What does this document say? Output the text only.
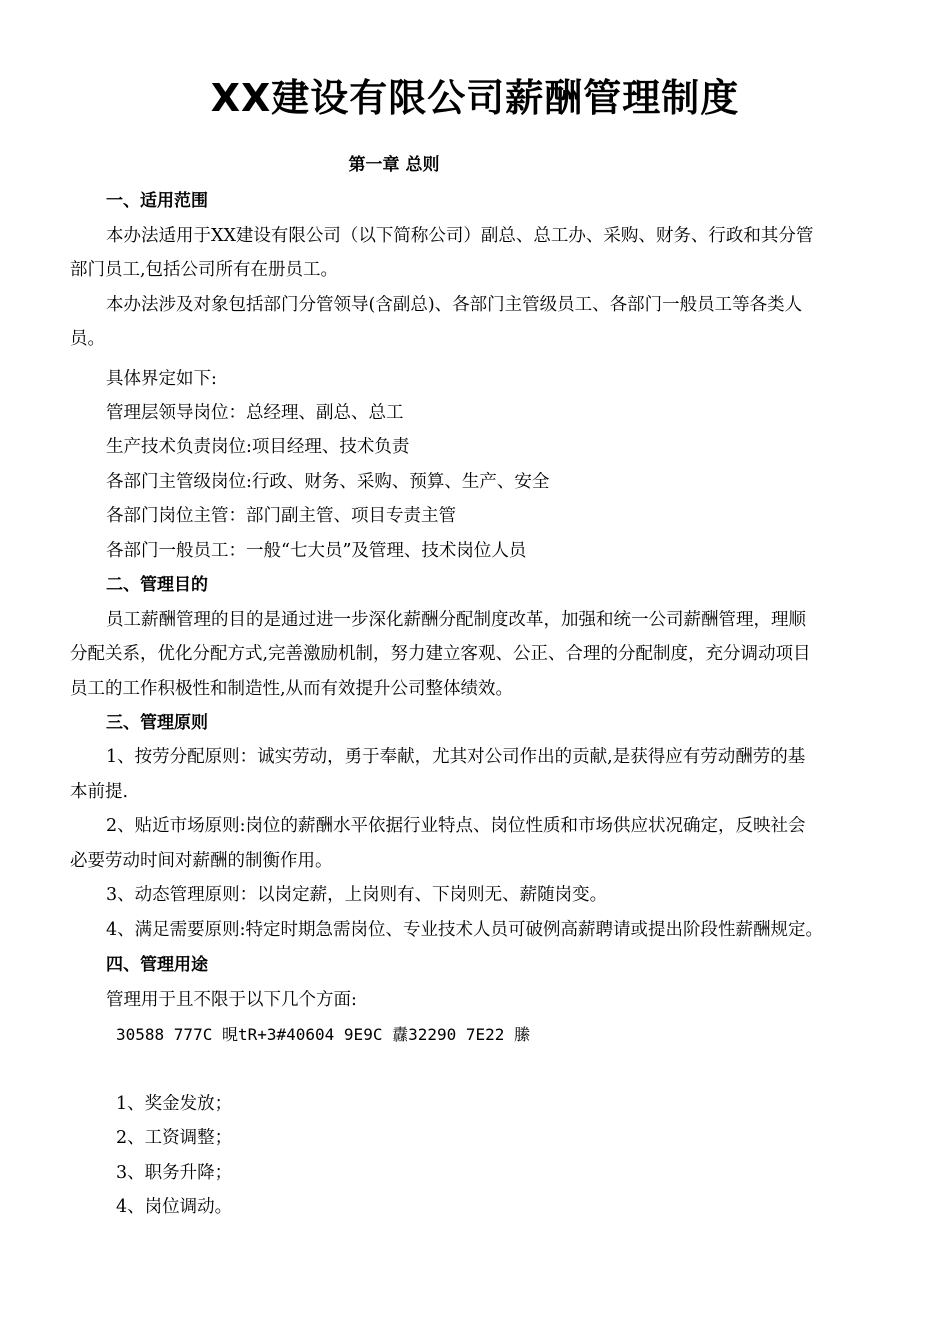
XX建设有限公司薪酬管理制度
第一章 总则
一、适用范围
本办法适用于XX建设有限公司（以下简称公司）副总、总工办、采购、财务、行政和其分管
部门员工,包括公司所有在册员工。
本办法涉及对象包括部门分管领导(含副总)、各部门主管级员工、各部门一般员工等各类人
员。
具体界定如下:
管理层领导岗位：总经理、副总、总工
生产技术负责岗位:项目经理、技术负责
各部门主管级岗位:行政、财务、采购、预算、生产、安全
各部门岗位主管：部门副主管、项目专责主管
各部门一般员工：一般“七大员”及管理、技术岗位人员
二、管理目的
员工薪酬管理的目的是通过进一步深化薪酬分配制度改革，加强和统一公司薪酬管理，理顺
分配关系，优化分配方式,完善激励机制，努力建立客观、公正、合理的分配制度，充分调动项目
员工的工作积极性和制造性,从而有效提升公司整体绩效。
三、管理原则
1、按劳分配原则：诚实劳动，勇于奉献，尤其对公司作出的贡献,是获得应有劳动酬劳的基
本前提.
2、贴近市场原则:岗位的薪酬水平依据行业特点、岗位性质和市场供应状况确定，反映社会
必要劳动时间对薪酬的制衡作用。
3、动态管理原则：以岗定薪，上岗则有、下岗则无、薪随岗变。
4、满足需要原则:特定时期急需岗位、专业技术人员可破例高薪聘请或提出阶段性薪酬规定。
四、管理用途
管理用于且不限于以下几个方面:
30588 777C 晛tR+3#40604 9E9C 纛32290 7E22 縢
1、奖金发放；
2、工资调整；
3、职务升降；
4、岗位调动。
